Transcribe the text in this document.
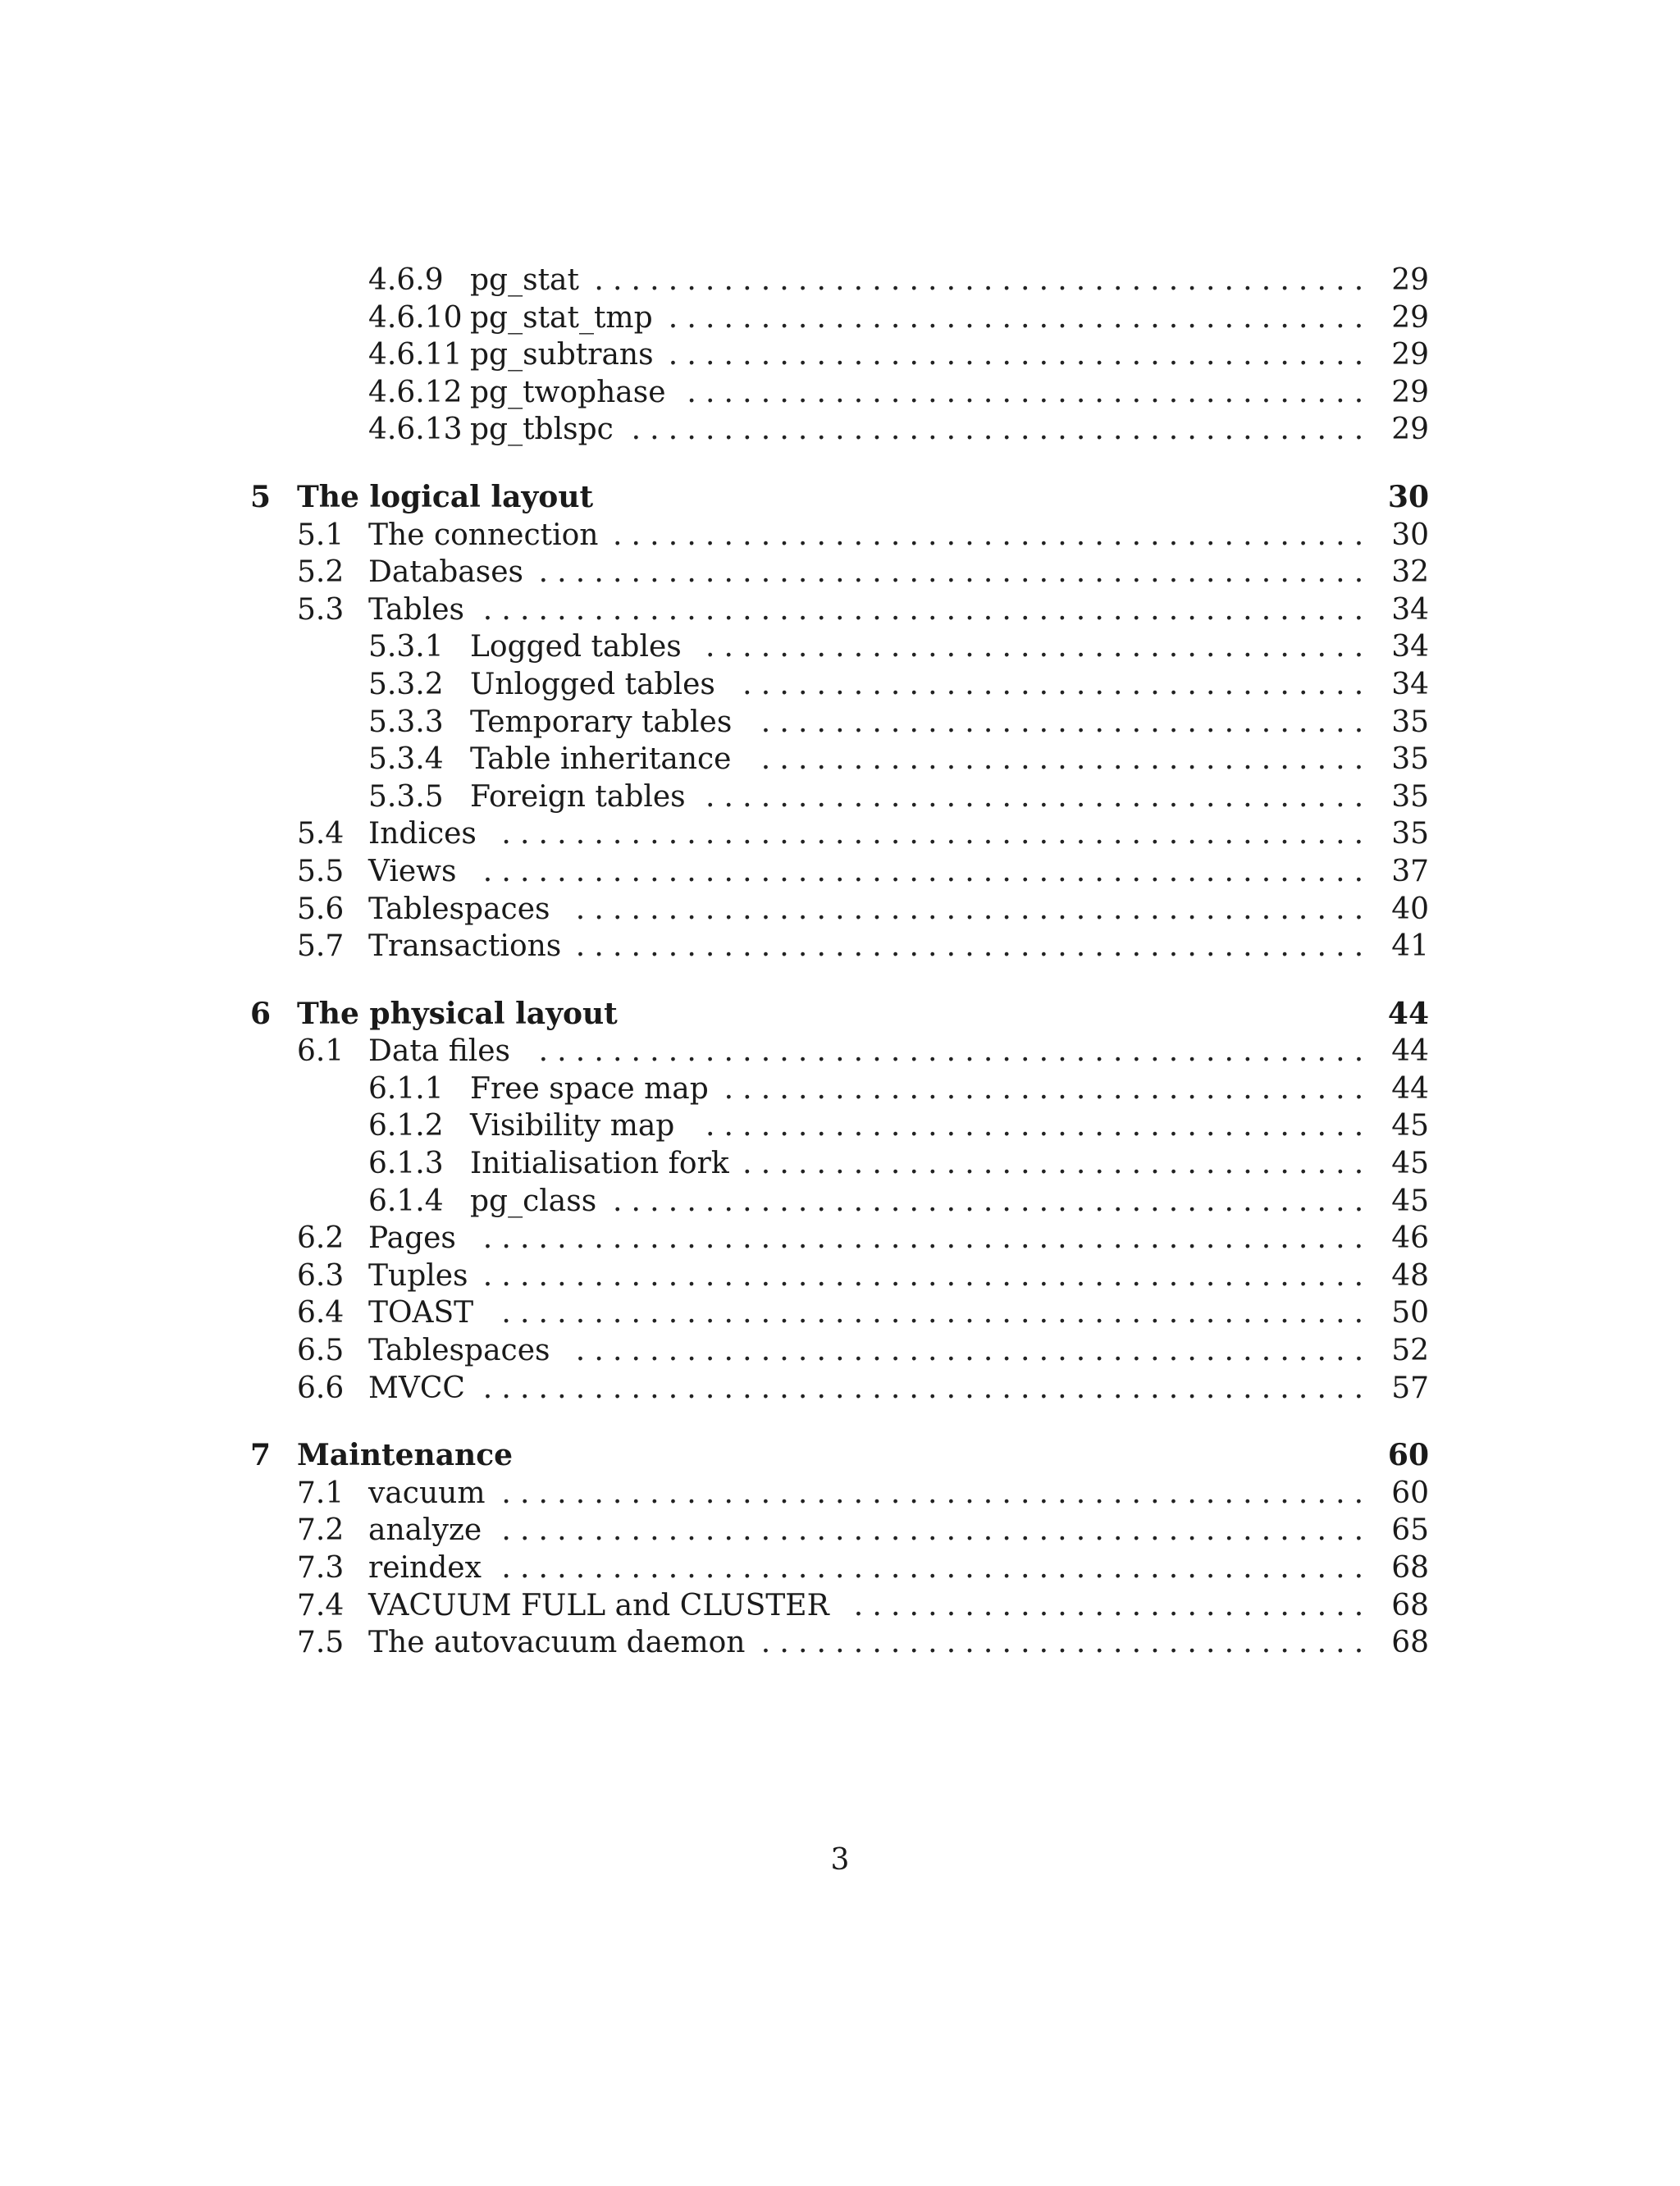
4.6.9 pg_stat . . . . . . . . . . . . . . . . . . . . . . . . . . . . . . . . . . . . . . . . . . 29
4.6.10 pg_stat_tmp . . . . . . . . . . . . . . . . . . . . . . . . . . . . . . . . . . . . . . 29
4.6.11 pg_subtrans . . . . . . . . . . . . . . . . . . . . . . . . . . . . . . . . . . . . . . 29
4.6.12 pg_twophase . . . . . . . . . . . . . . . . . . . . . . . . . . . . . . . . . . . . . 29
4.6.13 pg_tblspc . . . . . . . . . . . . . . . . . . . . . . . . . . . . . . . . . . . . . . . . 29
5 The logical layout	30
5.1 The connection . . . . . . . . . . . . . . . . . . . . . . . . . . . . . . . . . . . . . . . . . 30
5.2 Databases . . . . . . . . . . . . . . . . . . . . . . . . . . . . . . . . . . . . . . . . . . . . . 32
5.3 Tables . . . . . . . . . . . . . . . . . . . . . . . . . . . . . . . . . . . . . . . . . . . . . . . . 34
5.3.1 Logged tables . . . . . . . . . . . . . . . . . . . . . . . . . . . . . . . . . . . . 34
5.3.2 Unlogged tables . . . . . . . . . . . . . . . . . . . . . . . . . . . . . . . . . . 34
5.3.3 Temporary tables . . . . . . . . . . . . . . . . . . . . . . . . . . . . . . . . . 35
5.3.4 Table inheritance . . . . . . . . . . . . . . . . . . . . . . . . . . . . . . . . . 35
5.3.5 Foreign tables . . . . . . . . . . . . . . . . . . . . . . . . . . . . . . . . . . . . 35
5.4 Indices . . . . . . . . . . . . . . . . . . . . . . . . . . . . . . . . . . . . . . . . . . . . . . . 35
5.5 Views . . . . . . . . . . . . . . . . . . . . . . . . . . . . . . . . . . . . . . . . . . . . . . . . 37
5.6 Tablespaces . . . . . . . . . . . . . . . . . . . . . . . . . . . . . . . . . . . . . . . . . . . 40
5.7 Transactions . . . . . . . . . . . . . . . . . . . . . . . . . . . . . . . . . . . . . . . . . . . 41
6 The physical layout	44
6.1 Data files . . . . . . . . . . . . . . . . . . . . . . . . . . . . . . . . . . . . . . . . . . . . . 44
6.1.1 Free space map . . . . . . . . . . . . . . . . . . . . . . . . . . . . . . . . . . . 44
6.1.2 Visibility map . . . . . . . . . . . . . . . . . . . . . . . . . . . . . . . . . . . . 45
6.1.3 Initialisation fork . . . . . . . . . . . . . . . . . . . . . . . . . . . . . . . . . . 45
6.1.4 pg_class . . . . . . . . . . . . . . . . . . . . . . . . . . . . . . . . . . . . . . . . . 45
6.2 Pages . . . . . . . . . . . . . . . . . . . . . . . . . . . . . . . . . . . . . . . . . . . . . . . . 46
6.3 Tuples . . . . . . . . . . . . . . . . . . . . . . . . . . . . . . . . . . . . . . . . . . . . . . . . 48
6.4 TOAST . . . . . . . . . . . . . . . . . . . . . . . . . . . . . . . . . . . . . . . . . . . . . . . 50
6.5 Tablespaces . . . . . . . . . . . . . . . . . . . . . . . . . . . . . . . . . . . . . . . . . . . 52
6.6 MVCC . . . . . . . . . . . . . . . . . . . . . . . . . . . . . . . . . . . . . . . . . . . . . . . . 57
7 Maintenance	60
7.1 vacuum . . . . . . . . . . . . . . . . . . . . . . . . . . . . . . . . . . . . . . . . . . . . . . . 60
7.2 analyze . . . . . . . . . . . . . . . . . . . . . . . . . . . . . . . . . . . . . . . . . . . . . . . 65
7.3 reindex . . . . . . . . . . . . . . . . . . . . . . . . . . . . . . . . . . . . . . . . . . . . . . . 68
7.4 VACUUM FULL and CLUSTER . . . . . . . . . . . . . . . . . . . . . . . . . . . . 68
7.5 The autovacuum daemon . . . . . . . . . . . . . . . . . . . . . . . . . . . . . . . . . 68
3
